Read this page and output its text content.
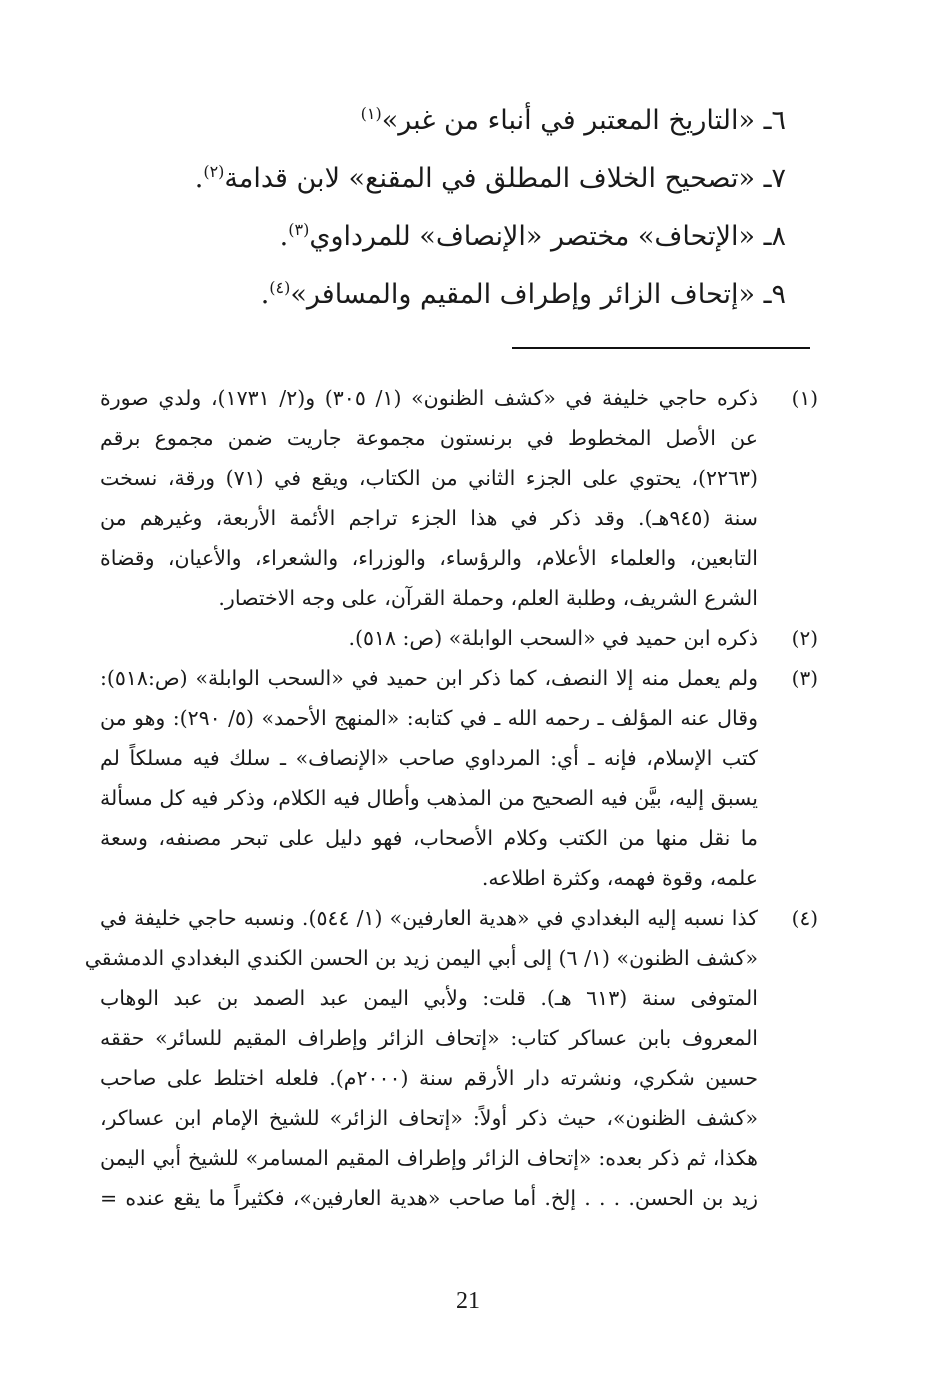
٦ـ «التاريخ المعتبر في أنباء من غبر»$^{(١)}$
٧ـ «تصحيح الخلاف المطلق في المقنع» لابن قدامة$^{(٢)}$.
٨ـ «الإتحاف» مختصر «الإنصاف» للمرداوي$^{(٣)}$.
٩ـ «إتحاف الزائر وإطراف المقيم والمسافر»$^{(٤)}$.
(١)
ذكره حاجي خليفة في «كشف الظنون» (١/ ٣٠٥) و(٢/ ١٧٣١)، ولدي صورة
عن الأصل المخطوط في برنستون مجموعة جاريت ضمن مجموع برقم
(٢٢٦٣)، يحتوي على الجزء الثاني من الكتاب، ويقع في (٧١) ورقة، نسخت
سنة (٩٤٥هـ). وقد ذكر في هذا الجزء تراجم الأئمة الأربعة، وغيرهم من
التابعين، والعلماء الأعلام، والرؤساء، والوزراء، والشعراء، والأعيان، وقضاة
الشرع الشريف، وطلبة العلم، وحملة القرآن، على وجه الاختصار.
(٢)
ذكره ابن حميد في «السحب الوابلة» (ص: ٥١٨).
(٣)
ولم يعمل منه إلا النصف، كما ذكر ابن حميد في «السحب الوابلة» (ص:٥١٨):
وقال عنه المؤلف ـ رحمه الله ـ في كتابه: «المنهج الأحمد» (٥/ ٢٩٠): وهو من
كتب الإسلام، فإنه ـ أي: المرداوي صاحب «الإنصاف» ـ سلك فيه مسلكاً لم
يسبق إليه، بيَّن فيه الصحيح من المذهب وأطال فيه الكلام، وذكر فيه كل مسألة
ما نقل منها من الكتب وكلام الأصحاب، فهو دليل على تبحر مصنفه، وسعة
علمه، وقوة فهمه، وكثرة اطلاعه.
(٤)
كذا نسبه إليه البغدادي في «هدية العارفين» (١/ ٥٤٤). ونسبه حاجي خليفة في
«كشف الظنون» (١/ ٦) إلى أبي اليمن زيد بن الحسن الكندي البغدادي الدمشقي
المتوفى سنة (٦١٣ هـ). قلت: ولأبي اليمن عبد الصمد بن عبد الوهاب
المعروف بابن عساكر كتاب: «إتحاف الزائر وإطراف المقيم للسائر» حققه
حسين شكري، ونشرته دار الأرقم سنة (٢٠٠٠م). فلعله اختلط على صاحب
«كشف الظنون»، حيث ذكر أولاً: «إتحاف الزائر» للشيخ الإمام ابن عساكر،
هكذا، ثم ذكر بعده: «إتحاف الزائر وإطراف المقيم المسامر» للشيخ أبي اليمن
زيد بن الحسن. . . . إلخ. أما صاحب «هدية العارفين»، فكثيراً ما يقع عنده =
21
